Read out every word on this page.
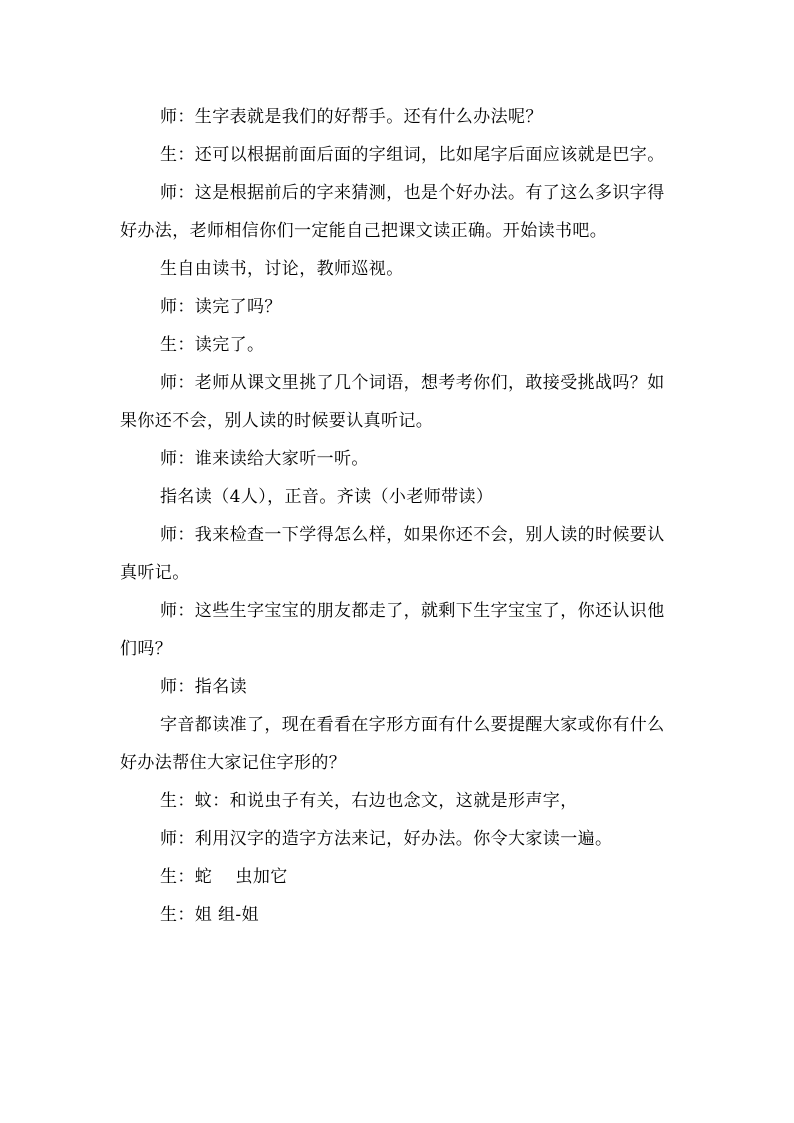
师：生字表就是我们的好帮手。还有什么办法呢？

生：还可以根据前面后面的字组词，比如尾字后面应该就是巴字。

师：这是根据前后的字来猜测，也是个好办法。有了这么多识字得好办法，老师相信你们一定能自己把课文读正确。开始读书吧。

生自由读书，讨论，教师巡视。

师：读完了吗？

生：读完了。

师：老师从课文里挑了几个词语，想考考你们，敢接受挑战吗？如果你还不会，别人读的时候要认真听记。

师：谁来读给大家听一听。

指名读（4人），正音。齐读（小老师带读）

师：我来检查一下学得怎么样，如果你还不会，别人读的时候要认真听记。

师：这些生字宝宝的朋友都走了，就剩下生字宝宝了，你还认识他们吗？

师：指名读

字音都读准了，现在看看在字形方面有什么要提醒大家或你有什么好办法帮住大家记住字形的？

生：蚊：和说虫子有关，右边也念文，这就是形声字，

师：利用汉字的造字方法来记，好办法。你令大家读一遍。

生：蛇    虫加它

生：姐 组-姐
